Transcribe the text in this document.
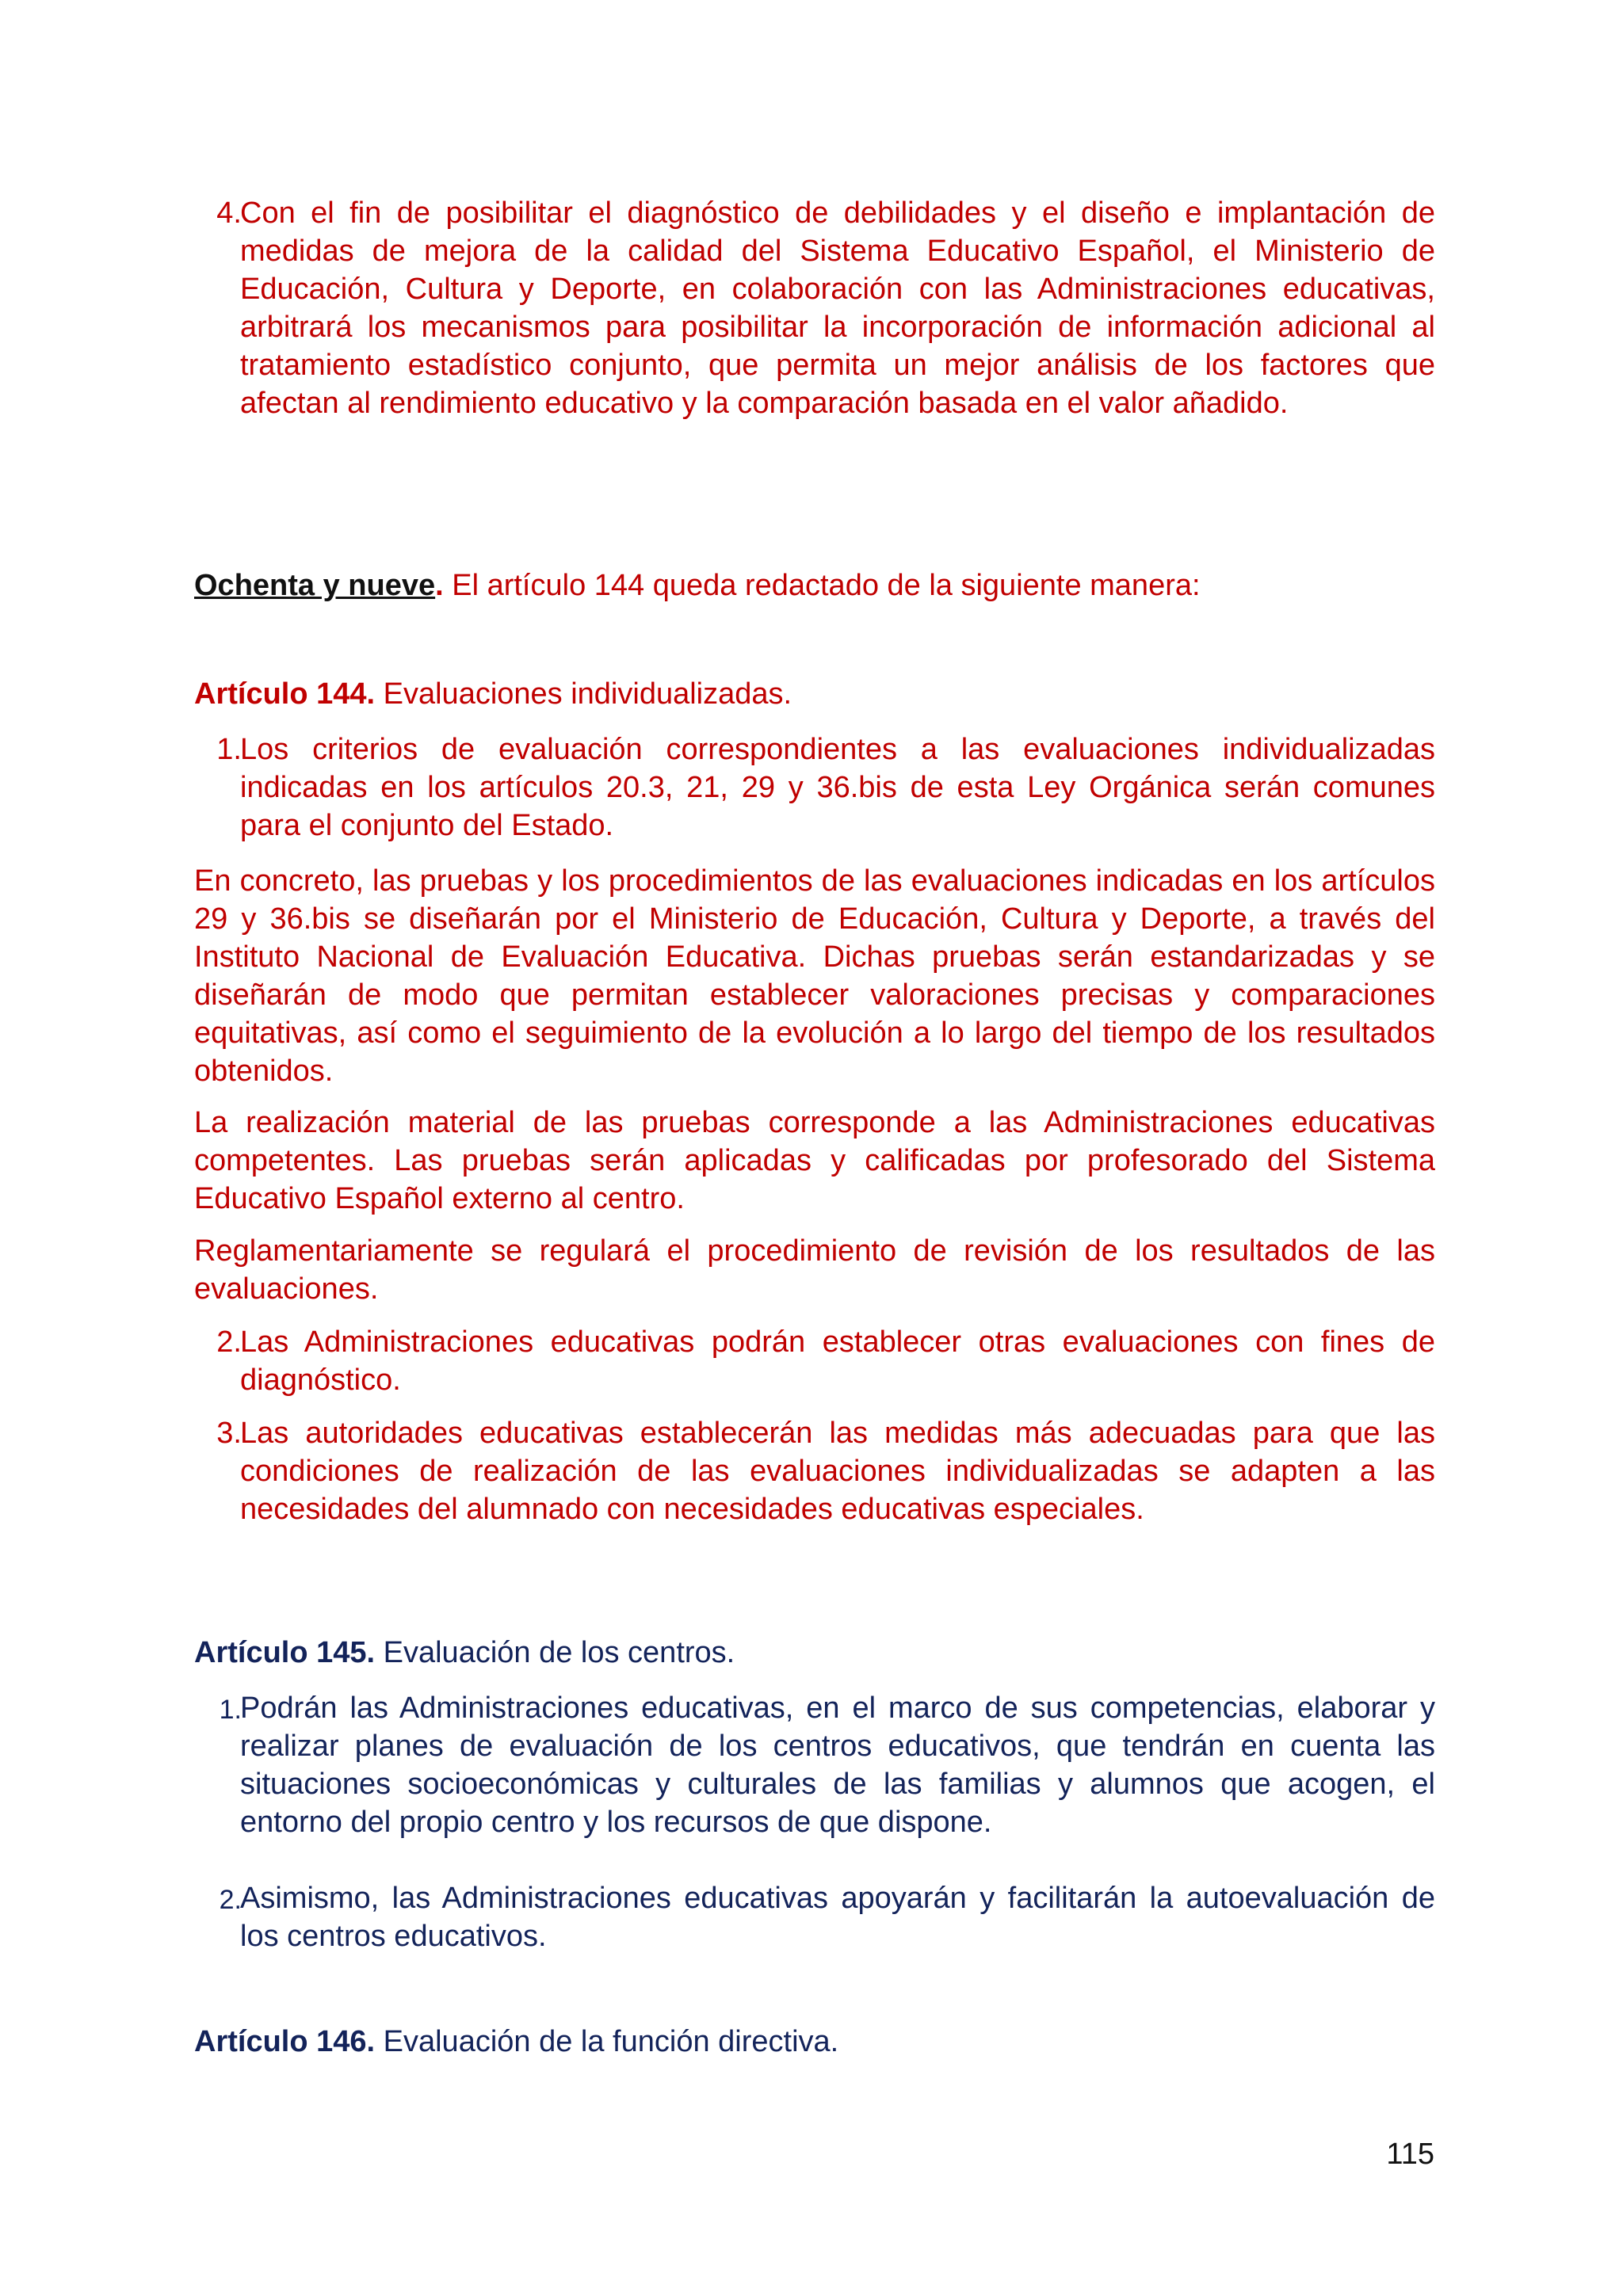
4.

Con el fin de posibilitar el diagnóstico de debilidades y el diseño e implantación de medidas de mejora de la calidad del Sistema Educativo Español, el Ministerio de Educación, Cultura y Deporte, en colaboración con las Administraciones educativas, arbitrará los mecanismos para posibilitar la incorporación de información adicional al tratamiento estadístico conjunto, que permita un mejor análisis de los factores que afectan al rendimiento educativo y la comparación basada en el valor añadido.

Ochenta y nueve. El artículo 144 queda redactado de la siguiente manera:

Artículo 144. Evaluaciones individualizadas.

1.

Los criterios de evaluación correspondientes a las evaluaciones individualizadas indicadas en los artículos 20.3, 21, 29 y 36.bis de esta Ley Orgánica serán comunes para el conjunto del Estado.

En concreto, las pruebas y los procedimientos de las evaluaciones indicadas en los artículos 29 y 36.bis se diseñarán por el Ministerio de Educación, Cultura y Deporte, a través del Instituto Nacional de Evaluación Educativa. Dichas pruebas serán estandarizadas y se diseñarán de modo que permitan establecer valoraciones precisas y comparaciones equitativas, así como el seguimiento de la evolución a lo largo del tiempo de los resultados obtenidos.

La realización material de las pruebas corresponde a las Administraciones educativas competentes. Las pruebas serán aplicadas y calificadas por profesorado del Sistema Educativo Español externo al centro.

Reglamentariamente se regulará el procedimiento de revisión de los resultados de las evaluaciones.

2.

Las Administraciones educativas podrán establecer otras evaluaciones con fines de diagnóstico.

3.

Las autoridades educativas establecerán las medidas más adecuadas para que las condiciones de realización de las evaluaciones individualizadas se adapten a las necesidades del alumnado con necesidades educativas especiales.

Artículo 145. Evaluación de los centros.

1.

Podrán las Administraciones educativas, en el marco de sus competencias, elaborar y realizar planes de evaluación de los centros educativos, que tendrán en cuenta las situaciones socioeconómicas y culturales de las familias y alumnos que acogen, el entorno del propio centro y los recursos de que dispone.

2.

Asimismo, las Administraciones educativas apoyarán y facilitarán la autoevaluación de los centros educativos.

Artículo 146. Evaluación de la función directiva.

115
